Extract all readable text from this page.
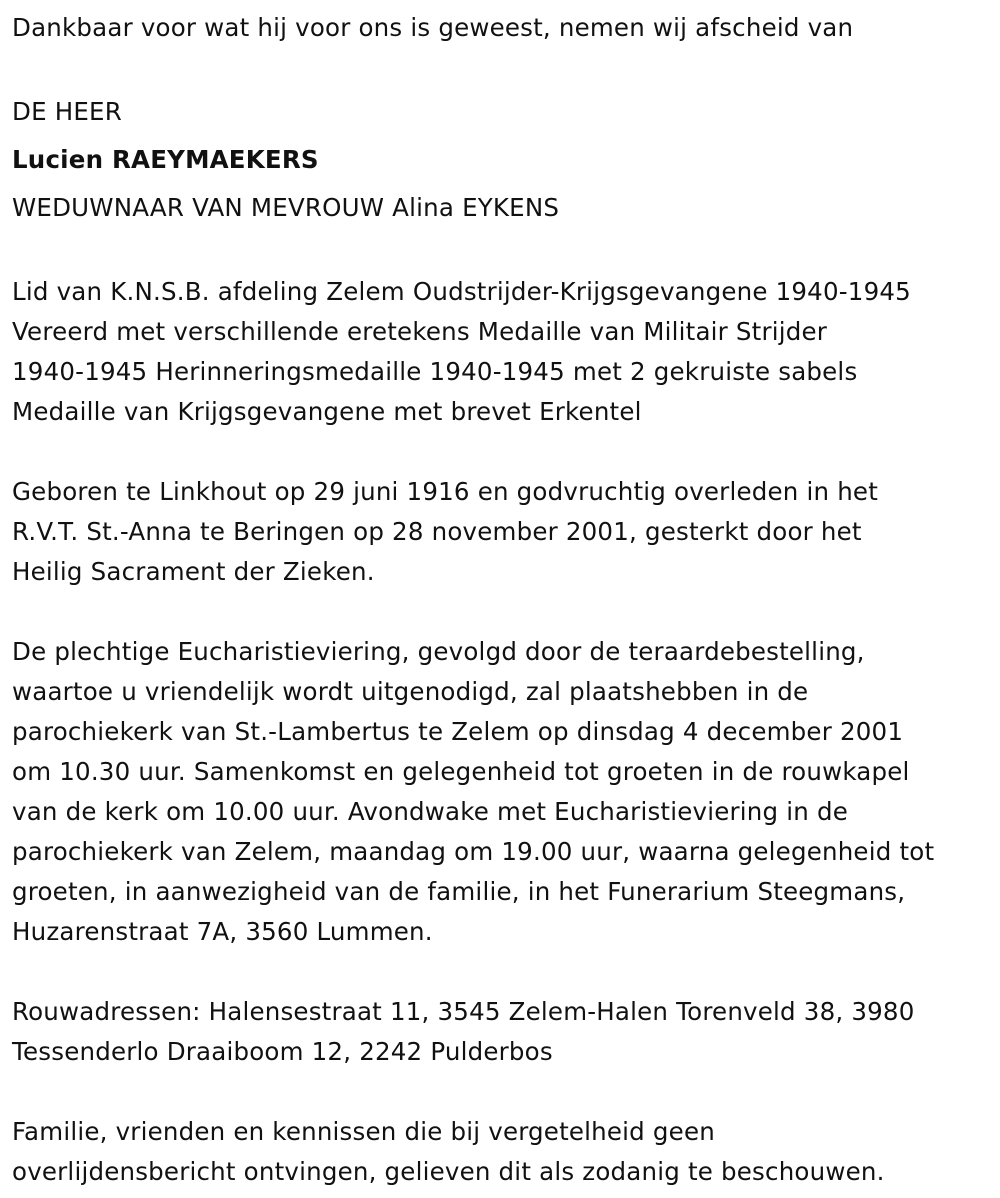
Dankbaar voor wat hij voor ons is geweest, nemen wij afscheid van

DE HEER

Lucien RAEYMAEKERS

WEDUWNAAR VAN MEVROUW Alina EYKENS

Lid van K.N.S.B. afdeling Zelem Oudstrijder-Krijgsgevangene 1940-1945

Vereerd met verschillende eretekens Medaille van Militair Strijder

1940-1945 Herinneringsmedaille 1940-1945 met 2 gekruiste sabels

Medaille van Krijgsgevangene met brevet Erkentel

Geboren te Linkhout op 29 juni 1916 en godvruchtig overleden in het

R.V.T. St.-Anna te Beringen op 28 november 2001, gesterkt door het

Heilig Sacrament der Zieken.

De plechtige Eucharistieviering, gevolgd door de teraardebestelling,

waartoe u vriendelijk wordt uitgenodigd, zal plaatshebben in de

parochiekerk van St.-Lambertus te Zelem op dinsdag 4 december 2001

om 10.30 uur. Samenkomst en gelegenheid tot groeten in de rouwkapel

van de kerk om 10.00 uur. Avondwake met Eucharistieviering in de

parochiekerk van Zelem, maandag om 19.00 uur, waarna gelegenheid tot

groeten, in aanwezigheid van de familie, in het Funerarium Steegmans,

Huzarenstraat 7A, 3560 Lummen.

Rouwadressen: Halensestraat 11, 3545 Zelem-Halen Torenveld 38, 3980

Tessenderlo Draaiboom 12, 2242 Pulderbos

Familie, vrienden en kennissen die bij vergetelheid geen

overlijdensbericht ontvingen, gelieven dit als zodanig te beschouwen.
